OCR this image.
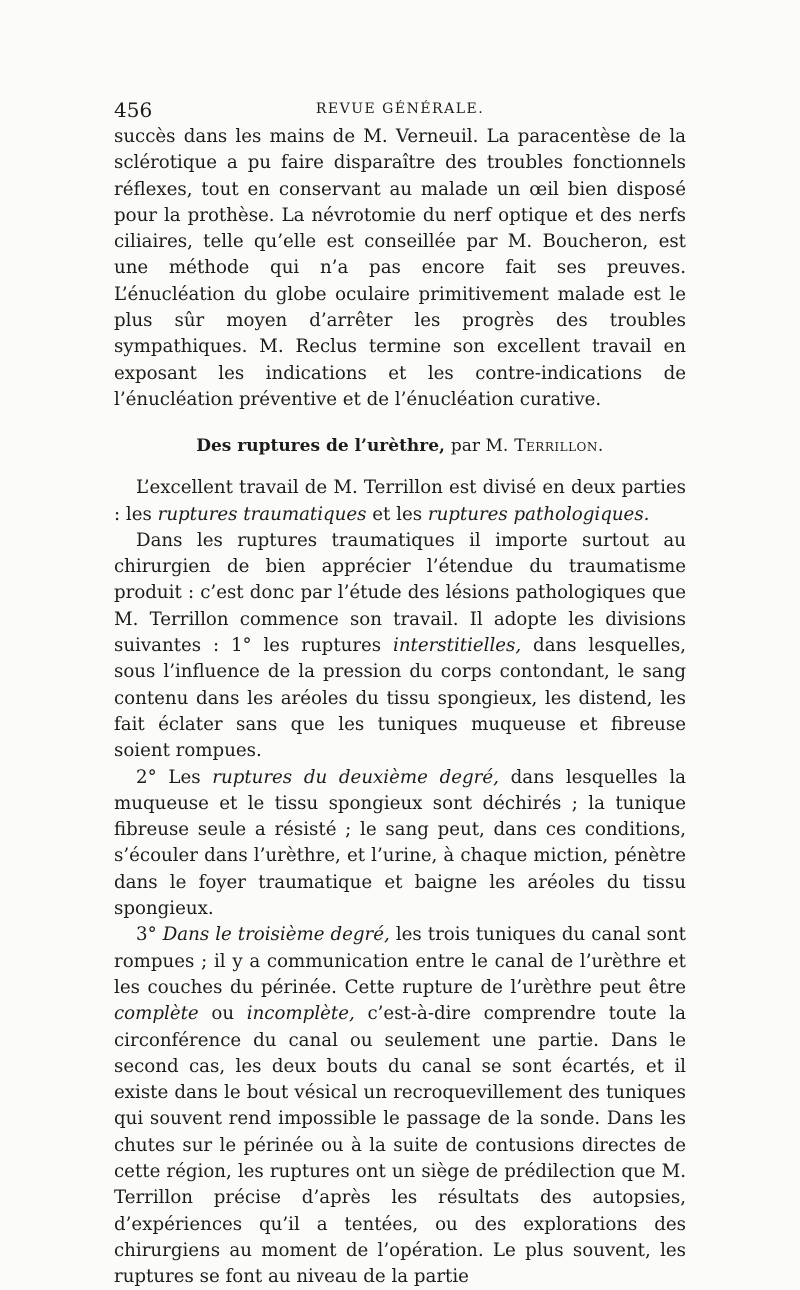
456	REVUE GÉNÉRALE.

succès dans les mains de M. Verneuil. La paracentèse de la sclérotique a pu faire disparaître des troubles fonctionnels réflexes, tout en conservant au malade un œil bien disposé pour la prothèse. La névrotomie du nerf optique et des nerfs ciliaires, telle qu’elle est conseillée par M. Boucheron, est une méthode qui n’a pas encore fait ses preuves. L’énucléation du globe oculaire primitivement malade est le plus sûr moyen d’arrêter les progrès des troubles sympathiques. M. Reclus termine son excellent travail en exposant les indications et les contre-indications de l’énucléation préventive et de l’énucléation curative.

Des ruptures de l’urèthre, par M. Terrillon.

L’excellent travail de M. Terrillon est divisé en deux parties : les ruptures traumatiques et les ruptures pathologiques.

Dans les ruptures traumatiques il importe surtout au chirurgien de bien apprécier l’étendue du traumatisme produit : c’est donc par l’étude des lésions pathologiques que M. Terrillon commence son travail. Il adopte les divisions suivantes : 1° les ruptures interstitielles, dans lesquelles, sous l’influence de la pression du corps contondant, le sang contenu dans les aréoles du tissu spongieux, les distend, les fait éclater sans que les tuniques muqueuse et fibreuse soient rompues.

2° Les ruptures du deuxième degré, dans lesquelles la muqueuse et le tissu spongieux sont déchirés ; la tunique fibreuse seule a résisté ; le sang peut, dans ces conditions, s’écouler dans l’urèthre, et l’urine, à chaque miction, pénètre dans le foyer traumatique et baigne les aréoles du tissu spongieux.

3° Dans le troisième degré, les trois tuniques du canal sont rompues ; il y a communication entre le canal de l’urèthre et les couches du périnée. Cette rupture de l’urèthre peut être complète ou incomplète, c’est-à-dire comprendre toute la circonférence du canal ou seulement une partie. Dans le second cas, les deux bouts du canal se sont écartés, et il existe dans le bout vésical un recroquevillement des tuniques qui souvent rend impossible le passage de la sonde. Dans les chutes sur le périnée ou à la suite de contusions directes de cette région, les ruptures ont un siège de prédilection que M. Terrillon précise d’après les résultats des autopsies, d’expériences qu’il a tentées, ou des explorations des chirurgiens au moment de l’opération. Le plus souvent, les ruptures se font au niveau de la partie
